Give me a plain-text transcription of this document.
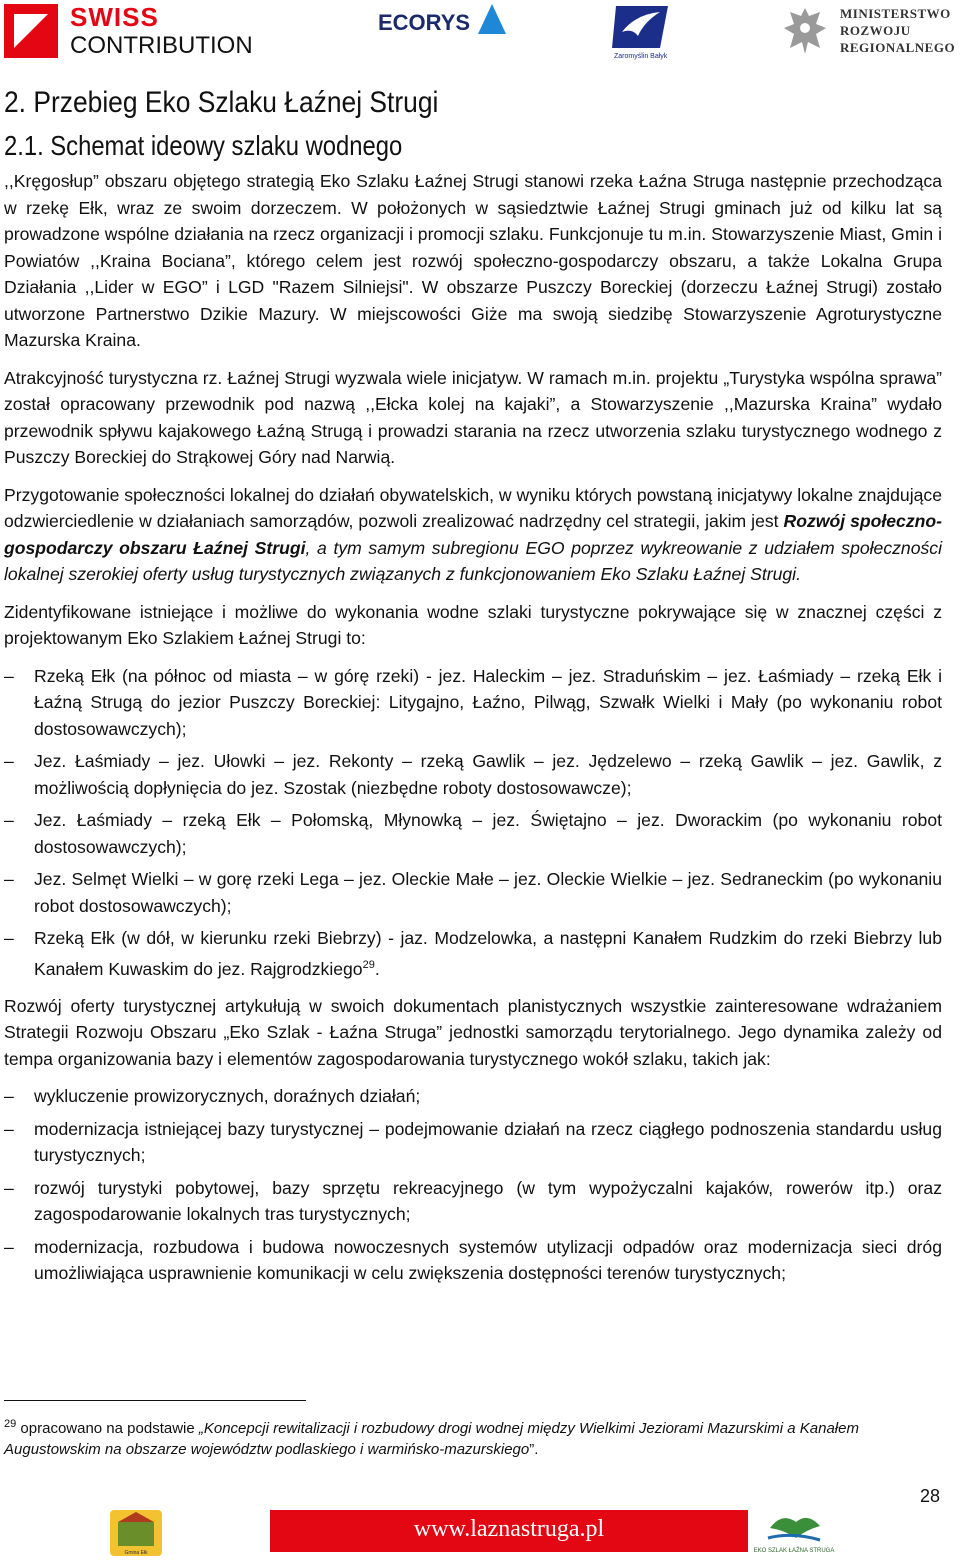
SWISS
CONTRIBUTION
ECORYS
Zaromyślin Bałyk
MINISTERSTWO
ROZWOJU
REGIONALNEGO
2. Przebieg Eko Szlaku Łaźnej Strugi
2.1. Schemat ideowy szlaku wodnego

,,Kręgosłup” obszaru objętego strategią Eko Szlaku Łaźnej Strugi stanowi rzeka Łaźna Struga następnie przechodząca w rzekę Ełk, wraz ze swoim dorzeczem. W położonych w sąsiedztwie Łaźnej Strugi gminach już od kilku lat są prowadzone wspólne działania na rzecz organizacji i promocji szlaku. Funkcjonuje tu m.in. Stowarzyszenie Miast, Gmin i Powiatów ,,Kraina Bociana”, którego celem jest rozwój społeczno-gospodarczy obszaru, a także Lokalna Grupa Działania ,,Lider w EGO” i LGD "Razem Silniejsi". W obszarze Puszczy Boreckiej (dorzeczu Łaźnej Strugi) zostało utworzone Partnerstwo Dzikie Mazury. W miejscowości Giże ma swoją siedzibę Stowarzyszenie Agroturystyczne Mazurska Kraina.

Atrakcyjność turystyczna rz. Łaźnej Strugi wyzwala wiele inicjatyw. W ramach m.in. projektu „Turystyka wspólna sprawa” został opracowany przewodnik pod nazwą ,,Ełcka kolej na kajaki”, a Stowarzyszenie ,,Mazurska Kraina” wydało przewodnik spływu kajakowego Łaźną Strugą i prowadzi starania na rzecz utworzenia szlaku turystycznego wodnego z Puszczy Boreckiej do Strąkowej Góry nad Narwią.

Przygotowanie społeczności lokalnej do działań obywatelskich, w wyniku których powstaną inicjatywy lokalne znajdujące odzwierciedlenie w działaniach samorządów, pozwoli zrealizować nadrzędny cel strategii, jakim jest Rozwój społeczno-gospodarczy obszaru Łaźnej Strugi, a tym samym subregionu EGO poprzez wykreowanie z udziałem społeczności lokalnej szerokiej oferty usług turystycznych związanych z funkcjonowaniem Eko Szlaku Łaźnej Strugi.

Zidentyfikowane istniejące i możliwe do wykonania wodne szlaki turystyczne pokrywające się w znacznej części z projektowanym Eko Szlakiem Łaźnej Strugi to:

–	Rzeką Ełk (na północ od miasta – w górę rzeki) - jez. Haleckim – jez. Straduńskim – jez. Łaśmiady – rzeką Ełk i Łaźną Strugą do jezior Puszczy Boreckiej: Litygajno, Łaźno, Pilwąg, Szwałk Wielki i Mały (po wykonaniu robot dostosowawczych);
–	Jez. Łaśmiady – jez. Ułowki – jez. Rekonty – rzeką Gawlik – jez. Jędzelewo – rzeką Gawlik – jez. Gawlik, z możliwością dopłynięcia do jez. Szostak (niezbędne roboty dostosowawcze);
–	Jez. Łaśmiady – rzeką Ełk – Połomską, Młynowką – jez. Świętajno – jez. Dworackim (po wykonaniu robot dostosowawczych);
–	Jez. Selmęt Wielki – w gorę rzeki Lega – jez. Oleckie Małe – jez. Oleckie Wielkie – jez. Sedraneckim (po wykonaniu robot dostosowawczych);
–	Rzeką Ełk (w dół, w kierunku rzeki Biebrzy) - jaz. Modzelowka, a następni Kanałem Rudzkim do rzeki Biebrzy lub Kanałem Kuwaskim do jez. Rajgrodzkiego$^{29}$.

Rozwój oferty turystycznej artykułują w swoich dokumentach planistycznych wszystkie zainteresowane wdrażaniem Strategii Rozwoju Obszaru „Eko Szlak - Łaźna Struga” jednostki samorządu terytorialnego. Jego dynamika zależy od tempa organizowania bazy i elementów zagospodarowania turystycznego wokół szlaku, takich jak:

–	wykluczenie prowizorycznych, doraźnych działań;
–	modernizacja istniejącej bazy turystycznej – podejmowanie działań na rzecz ciągłego podnoszenia standardu usług turystycznych;
–	rozwój turystyki pobytowej, bazy sprzętu rekreacyjnego (w tym wypożyczalni kajaków, rowerów itp.) oraz zagospodarowanie lokalnych tras turystycznych;
–	modernizacja, rozbudowa i budowa nowoczesnych systemów utylizacji odpadów oraz modernizacja sieci dróg umożliwiająca usprawnienie komunikacji w celu zwiększenia dostępności terenów turystycznych;
$^{29}$ opracowano na podstawie „Koncepcji rewitalizacji i rozbudowy drogi wodnej między Wielkimi Jeziorami Mazurskimi a Kanałem Augustowskim na obszarze województw podlaskiego i warmińsko-mazurskiego”.
28
Gmina Ełk
www.laznastruga.pl
EKO SZLAK ŁAŹNA STRUGA
